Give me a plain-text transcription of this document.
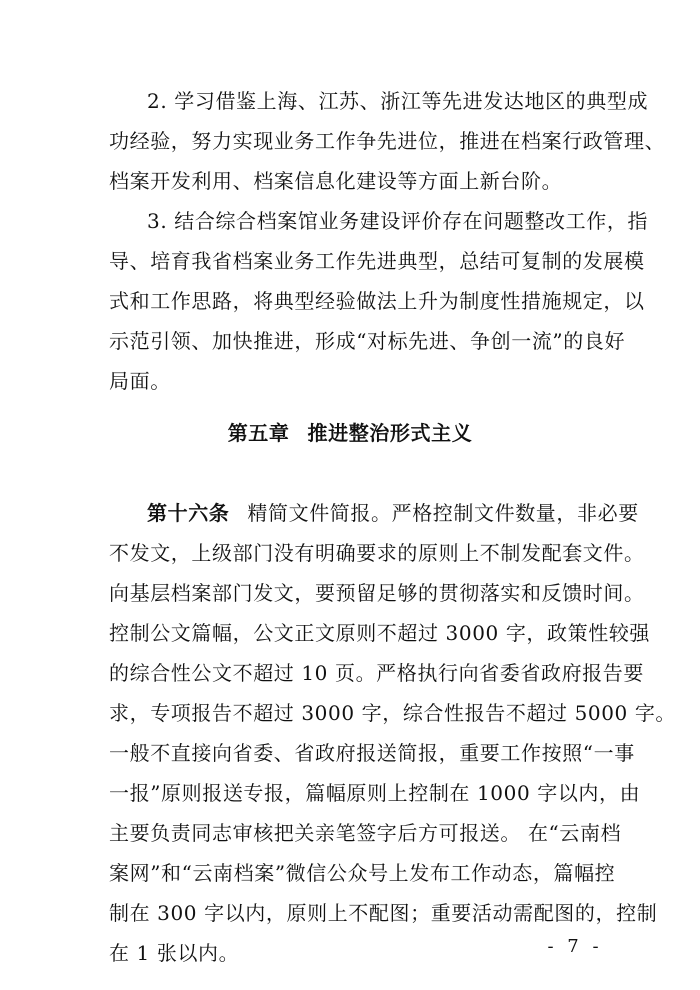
2. 学习借鉴上海、江苏、浙江等先进发达地区的典型成
功经验，努力实现业务工作争先进位，推进在档案行政管理、
档案开发利用、档案信息化建设等方面上新台阶。
3. 结合综合档案馆业务建设评价存在问题整改工作，指
导、培育我省档案业务工作先进典型，总结可复制的发展模
式和工作思路，将典型经验做法上升为制度性措施规定，以
示范引领、加快推进，形成“对标先进、争创一流”的良好
局面。
第五章 推进整治形式主义
第十六条 精简文件简报。严格控制文件数量，非必要
不发文，上级部门没有明确要求的原则上不制发配套文件。
向基层档案部门发文，要预留足够的贯彻落实和反馈时间。
控制公文篇幅，公文正文原则不超过 3000 字，政策性较强
的综合性公文不超过 10 页。严格执行向省委省政府报告要
求，专项报告不超过 3000 字，综合性报告不超过 5000 字。
一般不直接向省委、省政府报送简报，重要工作按照“一事
一报”原则报送专报，篇幅原则上控制在 1000 字以内，由
主要负责同志审核把关亲笔签字后方可报送。 在“云南档
案网”和“云南档案”微信公众号上发布工作动态，篇幅控
制在 300 字以内，原则上不配图；重要活动需配图的，控制
在 1 张以内。	- 7 -
